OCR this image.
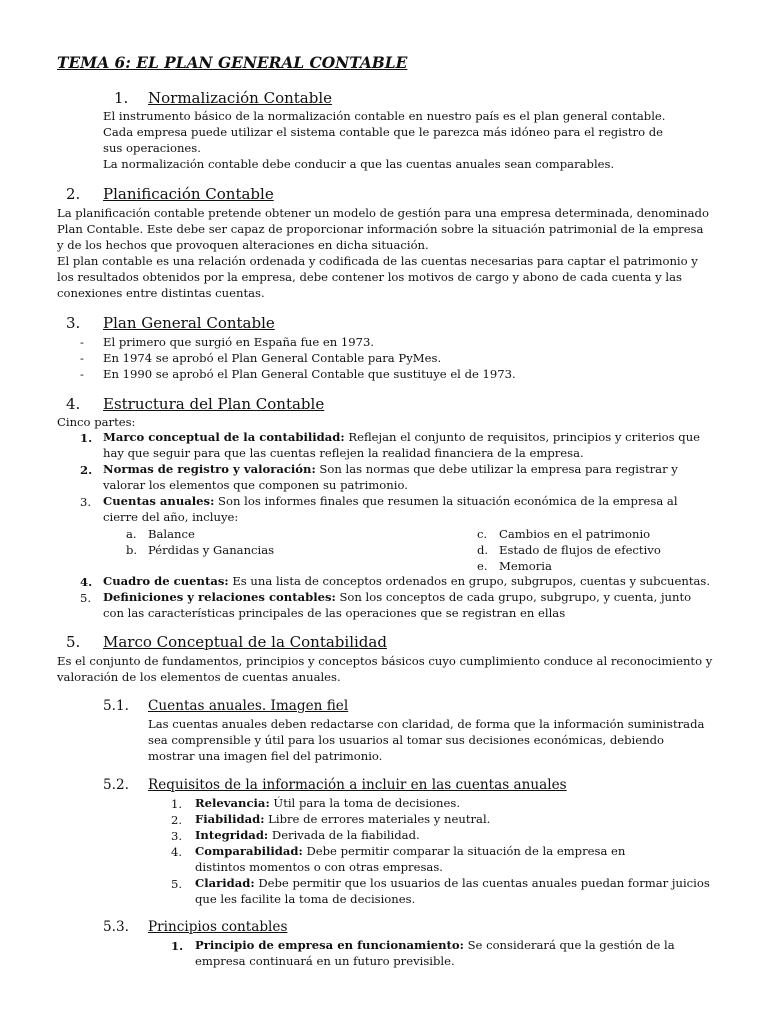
TEMA 6: EL PLAN GENERAL CONTABLE
1. Normalización Contable
El instrumento básico de la normalización contable en nuestro país es el plan general contable.
Cada empresa puede utilizar el sistema contable que le parezca más idóneo para el registro de sus operaciones.
La normalización contable debe conducir a que las cuentas anuales sean comparables.
2. Planificación Contable
La planificación contable pretende obtener un modelo de gestión para una empresa determinada, denominado Plan Contable. Este debe ser capaz de proporcionar información sobre la situación patrimonial de la empresa y de los hechos que provoquen alteraciones en dicha situación.
El plan contable es una relación ordenada y codificada de las cuentas necesarias para captar el patrimonio y los resultados obtenidos por la empresa, debe contener los motivos de cargo y abono de cada cuenta y las conexiones entre distintas cuentas.
3. Plan General Contable
- El primero que surgió en España fue en 1973.
- En 1974 se aprobó el Plan General Contable para PyMes.
- En 1990 se aprobó el Plan General Contable que sustituye el de 1973.
4. Estructura del Plan Contable
Cinco partes:
1. Marco conceptual de la contabilidad: Reflejan el conjunto de requisitos, principios y criterios que hay que seguir para que las cuentas reflejen la realidad financiera de la empresa.
2. Normas de registro y valoración: Son las normas que debe utilizar la empresa para registrar y valorar los elementos que componen su patrimonio.
3. Cuentas anuales: Son los informes finales que resumen la situación económica de la empresa al cierre del año, incluye:
a. Balance
b. Pérdidas y Ganancias
c. Cambios en el patrimonio
d. Estado de flujos de efectivo
e. Memoria
4. Cuadro de cuentas: Es una lista de conceptos ordenados en grupo, subgrupos, cuentas y subcuentas.
5. Definiciones y relaciones contables: Son los conceptos de cada grupo, subgrupo, y cuenta, junto con las características principales de las operaciones que se registran en ellas
5. Marco Conceptual de la Contabilidad
Es el conjunto de fundamentos, principios y conceptos básicos cuyo cumplimiento conduce al reconocimiento y valoración de los elementos de cuentas anuales.
5.1. Cuentas anuales. Imagen fiel
Las cuentas anuales deben redactarse con claridad, de forma que la información suministrada sea comprensible y útil para los usuarios al tomar sus decisiones económicas, debiendo mostrar una imagen fiel del patrimonio.
5.2. Requisitos de la información a incluir en las cuentas anuales
1. Relevancia: Útil para la toma de decisiones.
2. Fiabilidad: Libre de errores materiales y neutral.
3. Integridad: Derivada de la fiabilidad.
4. Comparabilidad: Debe permitir comparar la situación de la empresa en distintos momentos o con otras empresas.
5. Claridad: Debe permitir que los usuarios de las cuentas anuales puedan formar juicios que les facilite la toma de decisiones.
5.3. Principios contables
1. Principio de empresa en funcionamiento: Se considerará que la gestión de la empresa continuará en un futuro previsible.
